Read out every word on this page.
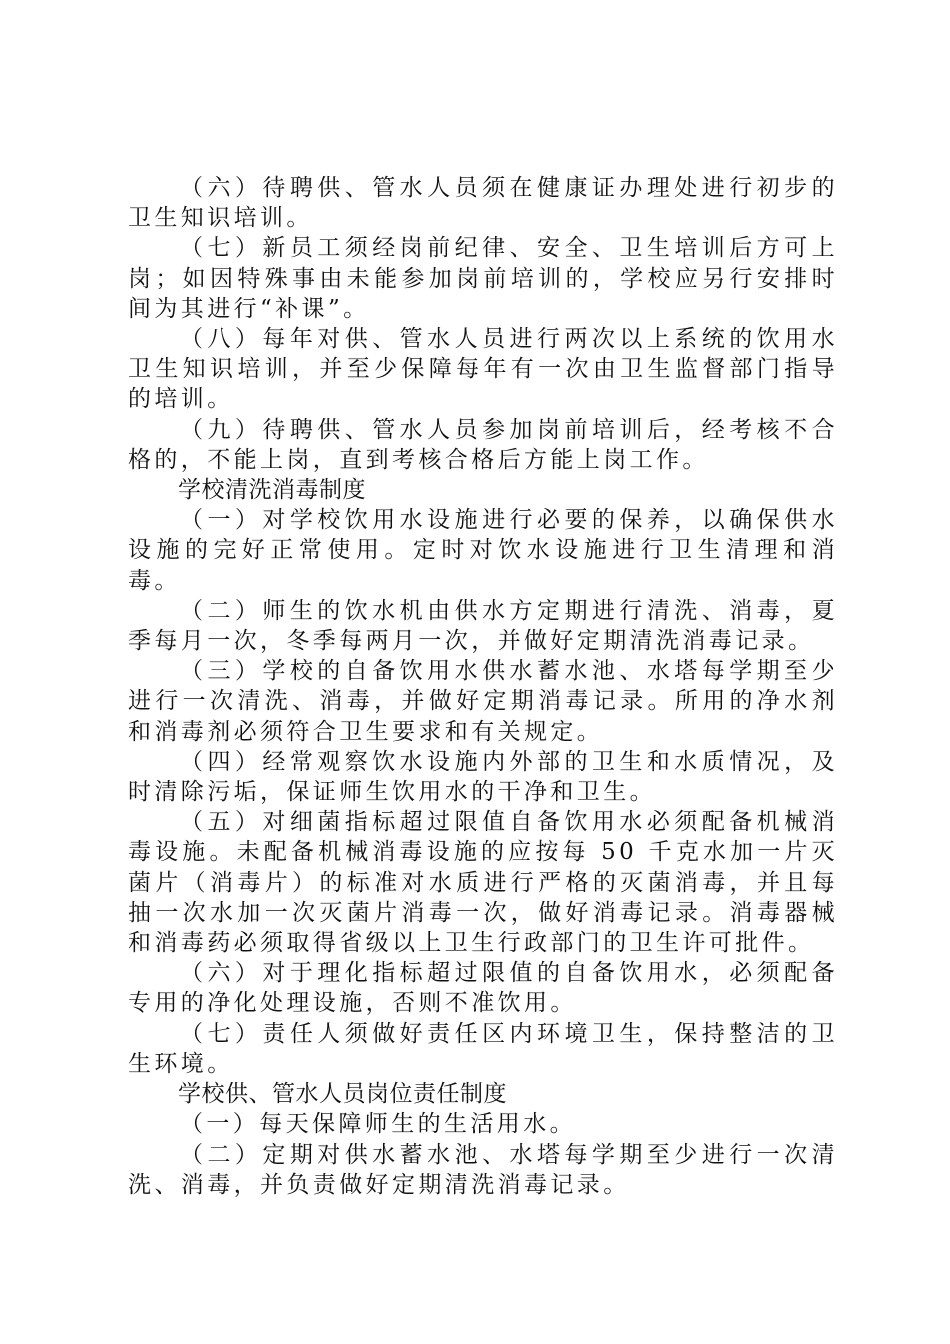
（六）待聘供、管水人员须在健康证办理处进行初步的卫生知识培训。

（七）新员工须经岗前纪律、安全、卫生培训后方可上岗；如因特殊事由未能参加岗前培训的，学校应另行安排时间为其进行“补课”。

（八）每年对供、管水人员进行两次以上系统的饮用水卫生知识培训，并至少保障每年有一次由卫生监督部门指导的培训。

（九）待聘供、管水人员参加岗前培训后，经考核不合格的，不能上岗，直到考核合格后方能上岗工作。

学校清洗消毒制度

（一）对学校饮用水设施进行必要的保养，以确保供水设施的完好正常使用。定时对饮水设施进行卫生清理和消毒。

（二）师生的饮水机由供水方定期进行清洗、消毒，夏季每月一次，冬季每两月一次，并做好定期清洗消毒记录。

（三）学校的自备饮用水供水蓄水池、水塔每学期至少进行一次清洗、消毒，并做好定期消毒记录。所用的净水剂和消毒剂必须符合卫生要求和有关规定。

（四）经常观察饮水设施内外部的卫生和水质情况，及时清除污垢，保证师生饮用水的干净和卫生。

（五）对细菌指标超过限值自备饮用水必须配备机械消毒设施。未配备机械消毒设施的应按每 50 千克水加一片灭菌片（消毒片）的标准对水质进行严格的灭菌消毒，并且每抽一次水加一次灭菌片消毒一次，做好消毒记录。消毒器械和消毒药必须取得省级以上卫生行政部门的卫生许可批件。

（六）对于理化指标超过限值的自备饮用水，必须配备专用的净化处理设施，否则不准饮用。

（七）责任人须做好责任区内环境卫生，保持整洁的卫生环境。

学校供、管水人员岗位责任制度

（一）每天保障师生的生活用水。

（二）定期对供水蓄水池、水塔每学期至少进行一次清洗、消毒，并负责做好定期清洗消毒记录。
